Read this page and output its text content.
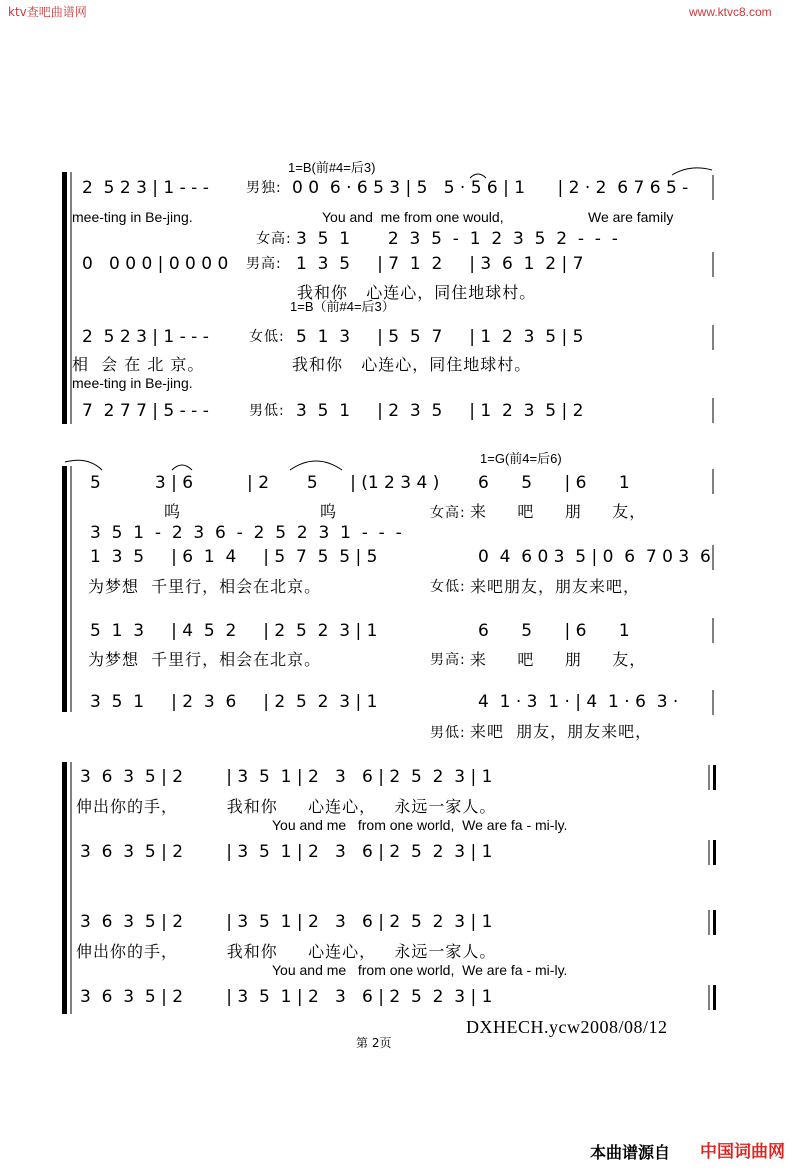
ktv查吧曲谱网	www.ktvc8.com
1=B(前#4=后3)
2  5 2 3 | 1 - - -	男独: 0 0  6 · 6 5 3 | 5   5 · 5 6 | 1      | 2 · 2  6 7 6 5 -
mee-ting in Be-jing.	You and  me from one would,	We are family
女高: 3  5  1       2  3  5  -  1  2  3  5  2  -  -  -
0   0 0 0 | 0 0 0 0 男高: 1  3  5     | 7  1  2     | 3  6  1  2 | 7
我和你   心连心，同住地球村。
1=B（前#4=后3）
2  5 2 3 | 1 - - -	女低: 5  1  3     | 5  5  7     | 1  2  3  5 | 5
相  会 在 北 京。	我和你   心连心，同住地球村。
mee-ting in Be-jing.
7  2 7 7 | 5 - - -	男低: 3  5  1     | 2  3  5     | 1  2  3  5 | 2
1=G(前4=后6)
5          3 | 6          | 2       5      | (1 2 3 4 ) 6      5      | 6      1
呜	呜	女高: 来     吧     朋     友，
3  5  1  -  2  3  6  -  2  5  2  3  1  -  -  -
1  3  5     | 6  1  4     | 5  7  5  5 | 5	0  4  6 0 3  5 | 0  6  7 0 3  6
为梦想  千里行，相会在北京。	女低: 来吧朋友，朋友来吧，
5  1  3     | 4  5  2     | 2  5  2  3 | 1	6      5      | 6      1
为梦想  千里行，相会在北京。	男高: 来     吧     朋     友，
3  5  1     | 2  3  6     | 2  5  2  3 | 1	4  1 · 3  1 · | 4  1 · 6  3 ·
男低: 来吧  朋友，朋友来吧，
3  6  3  5 | 2        | 3  5  1 | 2   3   6 | 2  5  2  3 | 1
伸出你的手，        我和你     心连心，   永远一家人。
You and me   from one world,  We are fa - mi-ly.
3  6  3  5 | 2        | 3  5  1 | 2   3   6 | 2  5  2  3 | 1
3  6  3  5 | 2        | 3  5  1 | 2   3   6 | 2  5  2  3 | 1
伸出你的手，        我和你     心连心，   永远一家人。
You and me   from one world,  We are fa - mi-ly.
3  6  3  5 | 2        | 3  5  1 | 2   3   6 | 2  5  2  3 | 1
DXHECH.ycw2008/08/12
第 2页
本曲谱源自 中国词曲网
